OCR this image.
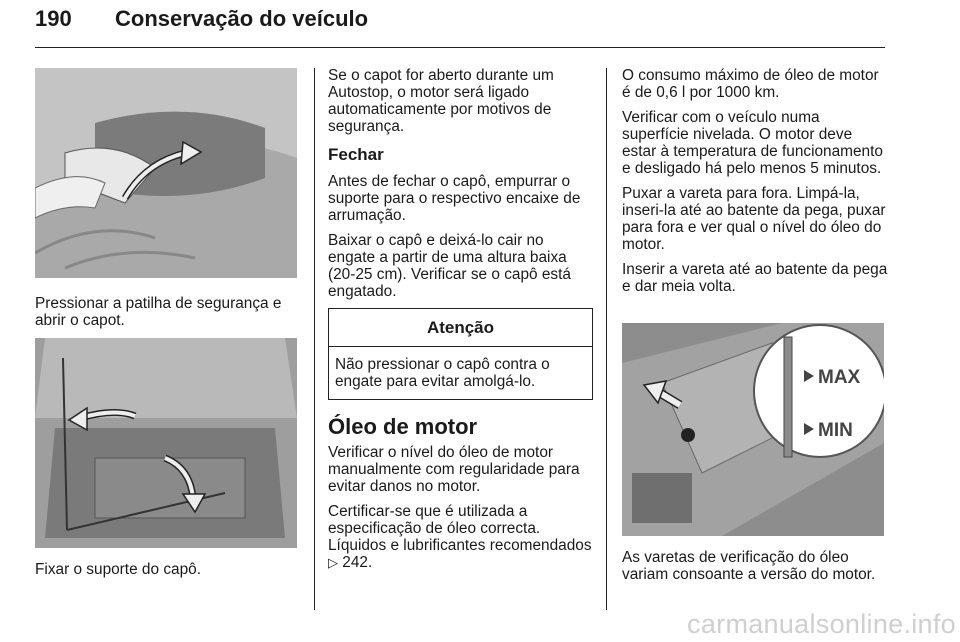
190 Conservação do veículo

Pressionar a patilha de segurança e abrir o capot.

Fixar o suporte do capô.

Se o capot for aberto durante um Autostop, o motor será ligado automaticamente por motivos de segurança.

Fechar

Antes de fechar o capô, empurrar o suporte para o respectivo encaixe de arrumação.

Baixar o capô e deixá-lo cair no engate a partir de uma altura baixa (20-25 cm). Verificar se o capô está engatado.

Atenção
Não pressionar o capô contra o engate para evitar amolgá-lo.
Óleo de motor

Verificar o nível do óleo de motor manualmente com regularidade para evitar danos no motor.

Certificar-se que é utilizada a especificação de óleo correcta. Líquidos e lubrificantes recomendados ▷ 242.

O consumo máximo de óleo de motor é de 0,6 l por 1000 km.

Verificar com o veículo numa superfície nivelada. O motor deve estar à temperatura de funcionamento e desligado há pelo menos 5 minutos.

Puxar a vareta para fora. Limpá-la, inseri-la até ao batente da pega, puxar para fora e ver qual o nível do óleo do motor.

Inserir a vareta até ao batente da pega e dar meia volta.

MAX
MIN

As varetas de verificação do óleo variam consoante a versão do motor.

carmanualsonline.info
